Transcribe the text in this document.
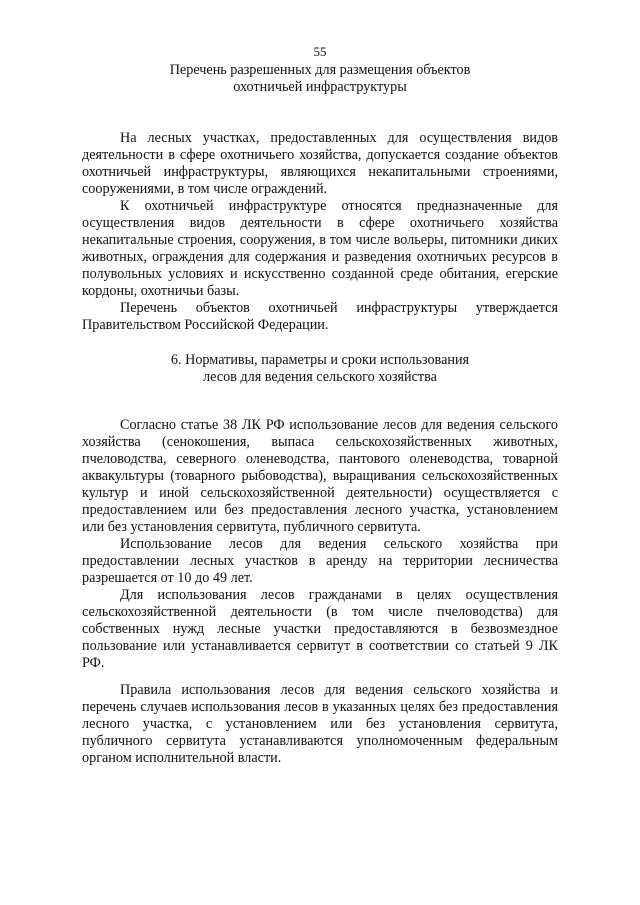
55

Перечень разрешенных для размещения объектов

охотничьей инфраструктуры

На лесных участках, предоставленных для осуществления видов деятельности в сфере охотничьего хозяйства, допускается создание объектов охотничьей инфраструктуры, являющихся некапитальными строениями, сооружениями, в том числе ограждений.

К охотничьей инфраструктуре относятся предназначенные для осуществления видов деятельности в сфере охотничьего хозяйства некапитальные строения, сооружения, в том числе вольеры, питомники диких животных, ограждения для содержания и разведения охотничьих ресурсов в полувольных условиях и искусственно созданной среде обитания, егерские кордоны, охотничьи базы.

Перечень объектов охотничьей инфраструктуры утверждается Правительством Российской Федерации.

6. Нормативы, параметры и сроки использования

лесов для ведения сельского хозяйства

Согласно статье 38 ЛК РФ использование лесов для ведения сельского хозяйства (сенокошения, выпаса сельскохозяйственных животных, пчеловодства, северного оленеводства, пантового оленеводства, товарной аквакультуры (товарного рыбоводства), выращивания сельскохозяйственных культур и иной сельскохозяйственной деятельности) осуществляется с предоставлением или без предоставления лесного участка, установлением или без установления сервитута, публичного сервитута.

Использование лесов для ведения сельского хозяйства при предоставлении лесных участков в аренду на территории лесничества разрешается от 10 до 49 лет.

Для использования лесов гражданами в целях осуществления сельскохозяйственной деятельности (в том числе пчеловодства) для собственных нужд лесные участки предоставляются в безвозмездное пользование или устанавливается сервитут в соответствии со статьей 9 ЛК РФ.

Правила использования лесов для ведения сельского хозяйства и перечень случаев использования лесов в указанных целях без предоставления лесного участка, с установлением или без установления сервитута, публичного сервитута устанавливаются уполномоченным федеральным органом исполнительной власти.
